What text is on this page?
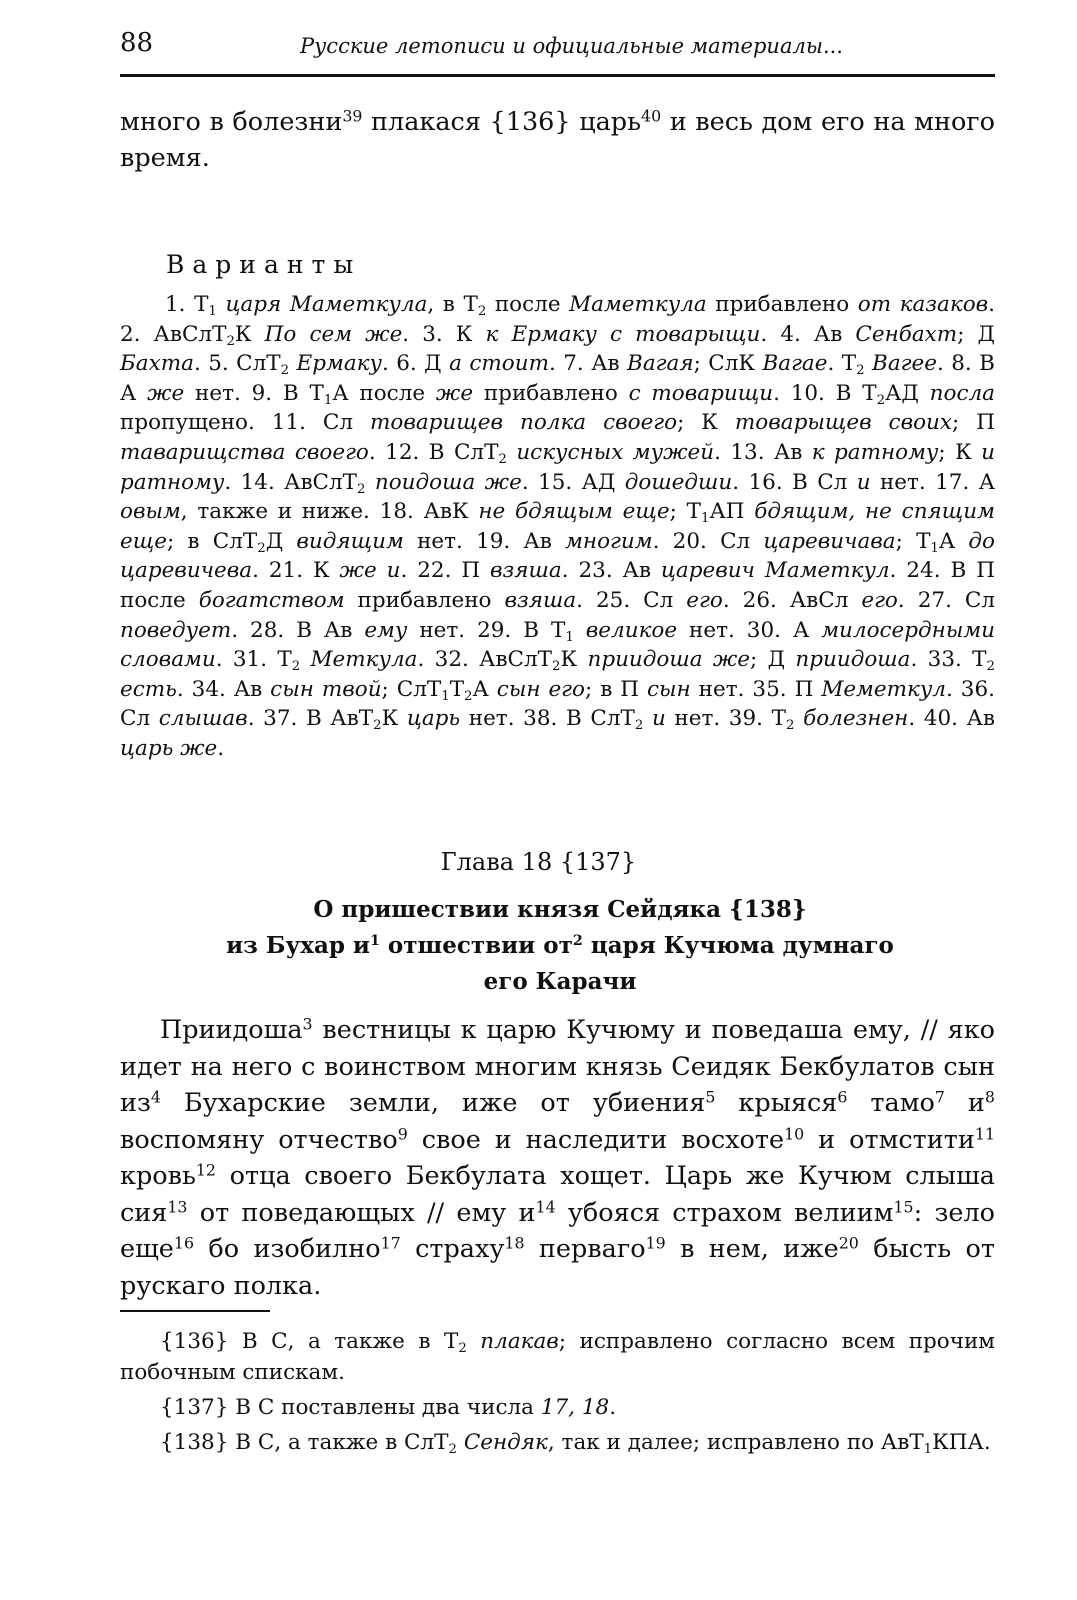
88	Русские летописи и официальные материалы...

много в болезни$^{39}$ плакася {136} царь$^{40}$ и весь дом его на много время.

Варианты

1. $Т_1$ царя Маметкула, в $Т_2$ после Маметкула прибавлено от казаков. 2. АвСлТ$_2$К По сем же. 3. К к Ермаку с товарыщи. 4. Ав Сенбахт; Д Бахта. 5. СлТ$_2$ Ермаку. 6. Д а стоит. 7. Ав Вагая; СлК Вагае. $Т_2$ Вагее. 8. В А же нет. 9. В $Т_1А$ после же прибавлено с товарищи. 10. В $Т_2АД$ посла пропущено. 11. Сл товарищев полка своего; К товарыщев своих; П таварищства своего. 12. В СлТ$_2$ искусных мужей. 13. Ав к ратному; К и ратному. 14. АвСлТ$_2$ поидоша же. 15. АД дошедши. 16. В Сл и нет. 17. А овым, также и ниже. 18. АвК не бдящым еще; $Т_1АП$ бдящим, не спящим еще; в СлТ$_2$Д видящим нет. 19. Ав многим. 20. Сл царевичава; $Т_1А$ до царевичева. 21. К же и. 22. П взяша. 23. Ав царевич Маметкул. 24. В П после богатством прибавлено взяша. 25. Сл его. 26. АвСл его. 27. Сл поведует. 28. В Ав ему нет. 29. В $Т_1$ великое нет. 30. А милосердными словами. 31. $Т_2$ Меткула. 32. АвСлТ$_2$К приидоша же; Д приидоша. 33. $Т_2$ есть. 34. Ав сын твой; $СлТ_1Т_2А$ сын его; в П сын нет. 35. П Меметкул. 36. Сл слышав. 37. В АвТ$_2$К царь нет. 38. В СлТ$_2$ и нет. 39. $Т_2$ болезнен. 40. Ав царь же.

Глава 18 {137}
О пришествии князя Сейдяка {138}
из Бухар $и^1$ отшествии $от^2$ царя Кучюма думнаго
его Карачи

Приидоша$^3$ вестницы к царю Кучюму и поведаша ему, // яко идет на него с воинством многим князь Сеидяк Бекбулатов сын $из^4$ Бухарские земли, иже от убиения$^5$ крыяся$^6$ тамо$^7$ $и^8$ воспомяну отчество$^9$ свое и наследити восхоте$^{10}$ и отмстити$^{11}$ кровь$^{12}$ отца своего Бекбулата хощет. Царь же Кучюм слыша сия$^{13}$ от поведающых // ему $и^{14}$ убояся страхом велиим$^{15}$: зело еще$^{16}$ бо изобилно$^{17}$ страху$^{18}$ перваго$^{19}$ в нем, иже$^{20}$ бысть от рускаго полка.

{136} В С, а также в $Т_2$ плакав; исправлено согласно всем прочим побочным спискам.

{137} В С поставлены два числа 17, 18.

{138} В С, а также в СлТ$_2$ Сендяк, так и далее; исправлено по АвТ$_1$КПА.
